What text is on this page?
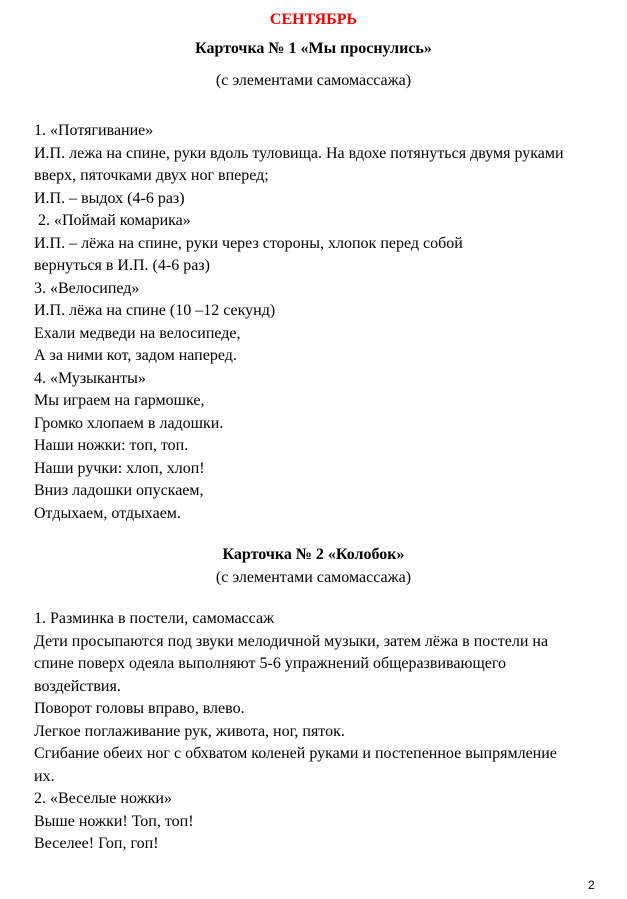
СЕНТЯБРЬ
Карточка № 1 «Мы проснулись»
(с элементами самомассажа)
1. «Потягивание»
И.П. лежа на спине, руки вдоль туловища. На вдохе потянуться двумя руками
вверх, пяточками двух ног вперед;
И.П. – выдох (4-6 раз)
2. «Поймай комарика»
И.П. – лёжа на спине, руки через стороны, хлопок перед собой
вернуться в И.П. (4-6 раз)
3. «Велосипед»
И.П. лёжа на спине (10 –12 секунд)
Ехали медведи на велосипеде,
А за ними кот, задом наперед.
4. «Музыканты»
Мы играем на гармошке,
Громко хлопаем в ладошки.
Наши ножки: топ, топ.
Наши ручки: хлоп, хлоп!
Вниз ладошки опускаем,
Отдыхаем, отдыхаем.
Карточка № 2 «Колобок»
(с элементами самомассажа)
1. Разминка в постели, самомассаж
Дети просыпаются под звуки мелодичной музыки, затем лёжа в постели на
спине поверх одеяла выполняют 5-6 упражнений общеразвивающего
воздействия.
Поворот головы вправо, влево.
Легкое поглаживание рук, живота, ног, пяток.
Сгибание обеих ног с обхватом коленей руками и постепенное выпрямление
их.
2. «Веселые ножки»
Выше ножки! Топ, топ!
Веселее! Гоп, гоп!
2
